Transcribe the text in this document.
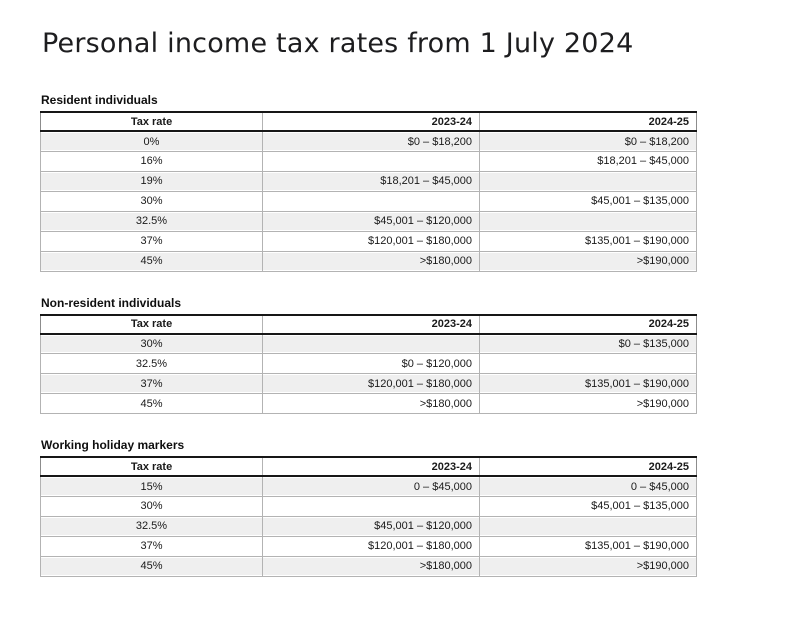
Personal income tax rates from 1 July 2024
Resident individuals
Tax rate	2023-24	2024-25
0%	$0 – $18,200	$0 – $18,200
16%		$18,201 – $45,000
19%	$18,201 – $45,000	
30%		$45,001 – $135,000
32.5%	$45,001 – $120,000	
37%	$120,001 – $180,000	$135,001 – $190,000
45%	>$180,000	>$190,000
Non-resident individuals
Tax rate	2023-24	2024-25
30%		$0 – $135,000
32.5%	$0 – $120,000	
37%	$120,001 – $180,000	$135,001 – $190,000
45%	>$180,000	>$190,000
Working holiday markers
Tax rate	2023-24	2024-25
15%	0 – $45,000	0 – $45,000
30%		$45,001 – $135,000
32.5%	$45,001 – $120,000	
37%	$120,001 – $180,000	$135,001 – $190,000
45%	>$180,000	>$190,000
